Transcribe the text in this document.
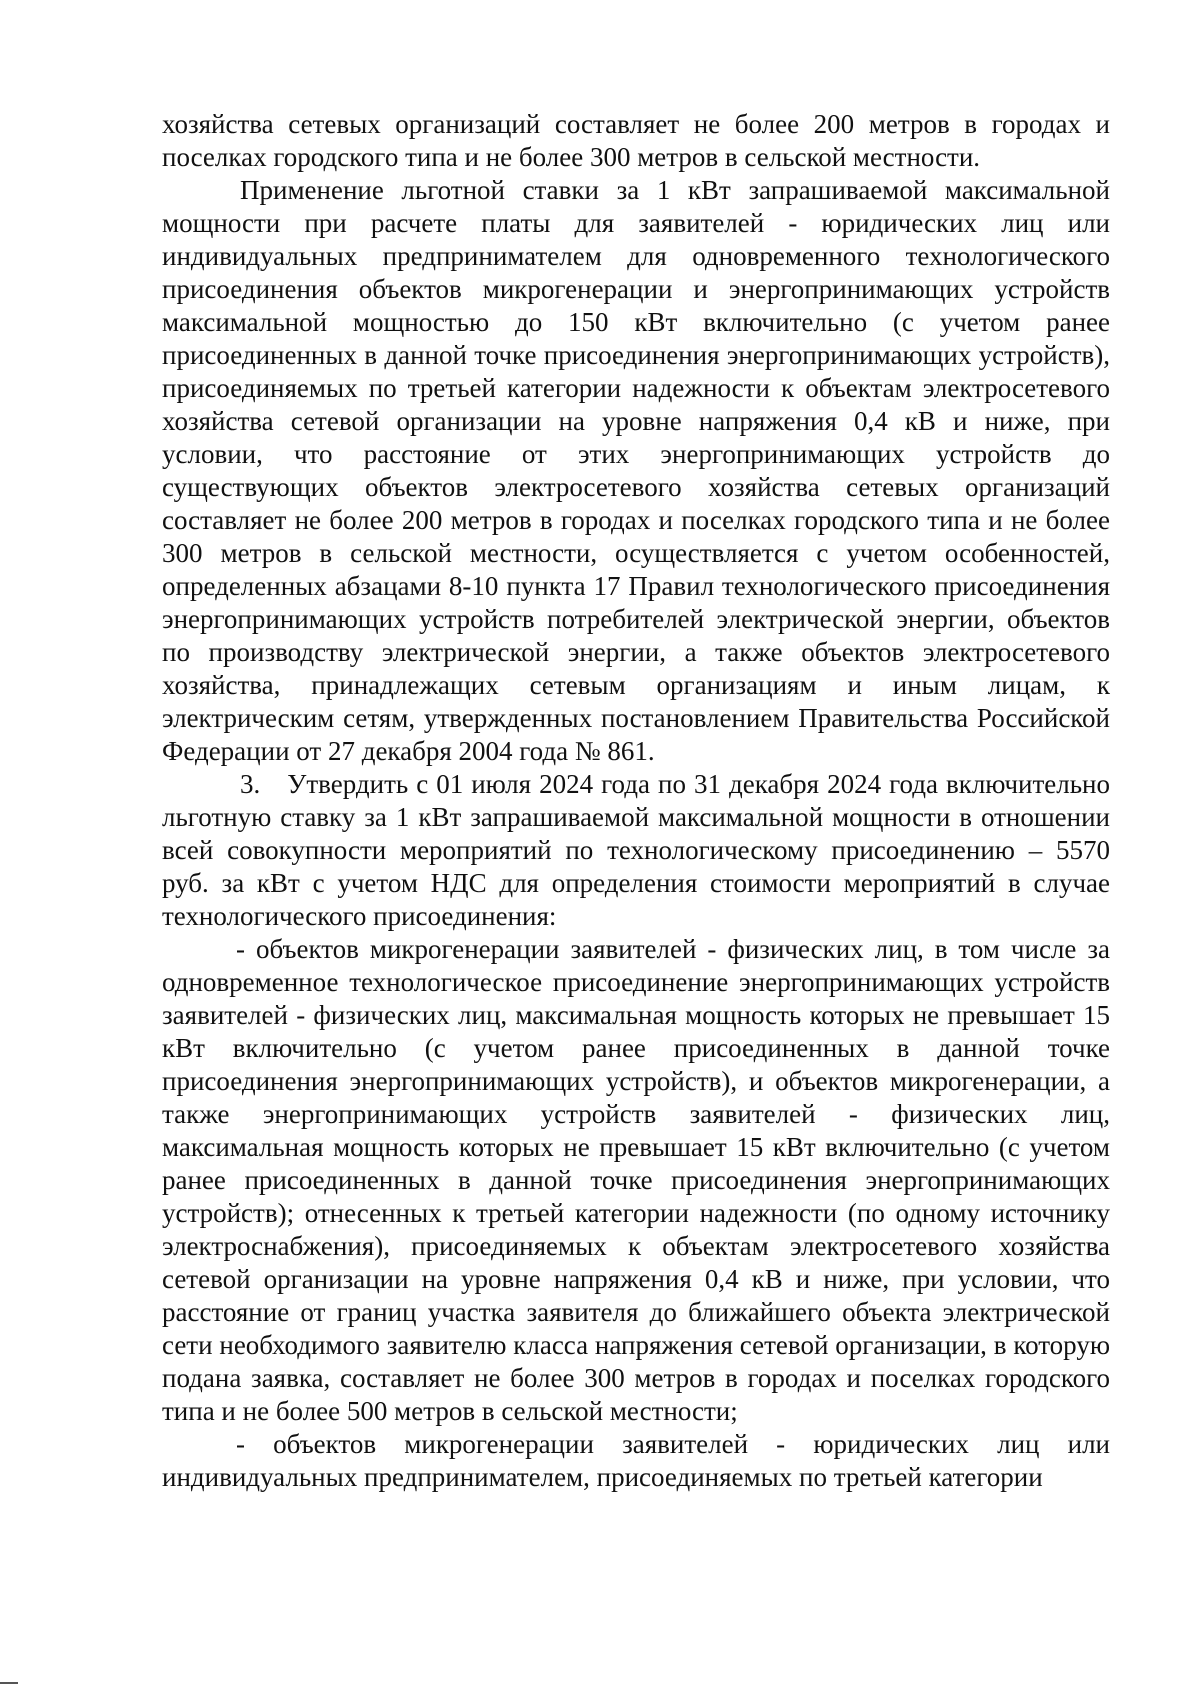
хозяйства сетевых организаций составляет не более 200 метров в городах и поселках городского типа и не более 300 метров в сельской местности.

Применение льготной ставки за 1 кВт запрашиваемой максимальной мощности при расчете платы для заявителей - юридических лиц или индивидуальных предпринимателем для одновременного технологического присоединения объектов микрогенерации и энергопринимающих устройств максимальной мощностью до 150 кВт включительно (с учетом ранее присоединенных в данной точке присоединения энергопринимающих устройств), присоединяемых по третьей категории надежности к объектам электросетевого хозяйства сетевой организации на уровне напряжения 0,4 кВ и ниже, при условии, что расстояние от этих энергопринимающих устройств до существующих объектов электросетевого хозяйства сетевых организаций составляет не более 200 метров в городах и поселках городского типа и не более 300 метров в сельской местности, осуществляется с учетом особенностей, определенных абзацами 8-10 пункта 17 Правил технологического присоединения энергопринимающих устройств потребителей электрической энергии, объектов по производству электрической энергии, а также объектов электросетевого хозяйства, принадлежащих сетевым организациям и иным лицам, к электрическим сетям, утвержденных постановлением Правительства Российской Федерации от 27 декабря 2004 года № 861.

3. Утвердить с 01 июля 2024 года по 31 декабря 2024 года включительно льготную ставку за 1 кВт запрашиваемой максимальной мощности в отношении всей совокупности мероприятий по технологическому присоединению – 5570 руб. за кВт с учетом НДС для определения стоимости мероприятий в случае технологического присоединения:

- объектов микрогенерации заявителей - физических лиц, в том числе за одновременное технологическое присоединение энергопринимающих устройств заявителей - физических лиц, максимальная мощность которых не превышает 15 кВт включительно (с учетом ранее присоединенных в данной точке присоединения энергопринимающих устройств), и объектов микрогенерации, а также энергопринимающих устройств заявителей - физических лиц, максимальная мощность которых не превышает 15 кВт включительно (с учетом ранее присоединенных в данной точке присоединения энергопринимающих устройств); отнесенных к третьей категории надежности (по одному источнику электроснабжения), присоединяемых к объектам электросетевого хозяйства сетевой организации на уровне напряжения 0,4 кВ и ниже, при условии, что расстояние от границ участка заявителя до ближайшего объекта электрической сети необходимого заявителю класса напряжения сетевой организации, в которую подана заявка, составляет не более 300 метров в городах и поселках городского типа и не более 500 метров в сельской местности;

- объектов микрогенерации заявителей - юридических лиц или индивидуальных предпринимателем, присоединяемых по третьей категории
